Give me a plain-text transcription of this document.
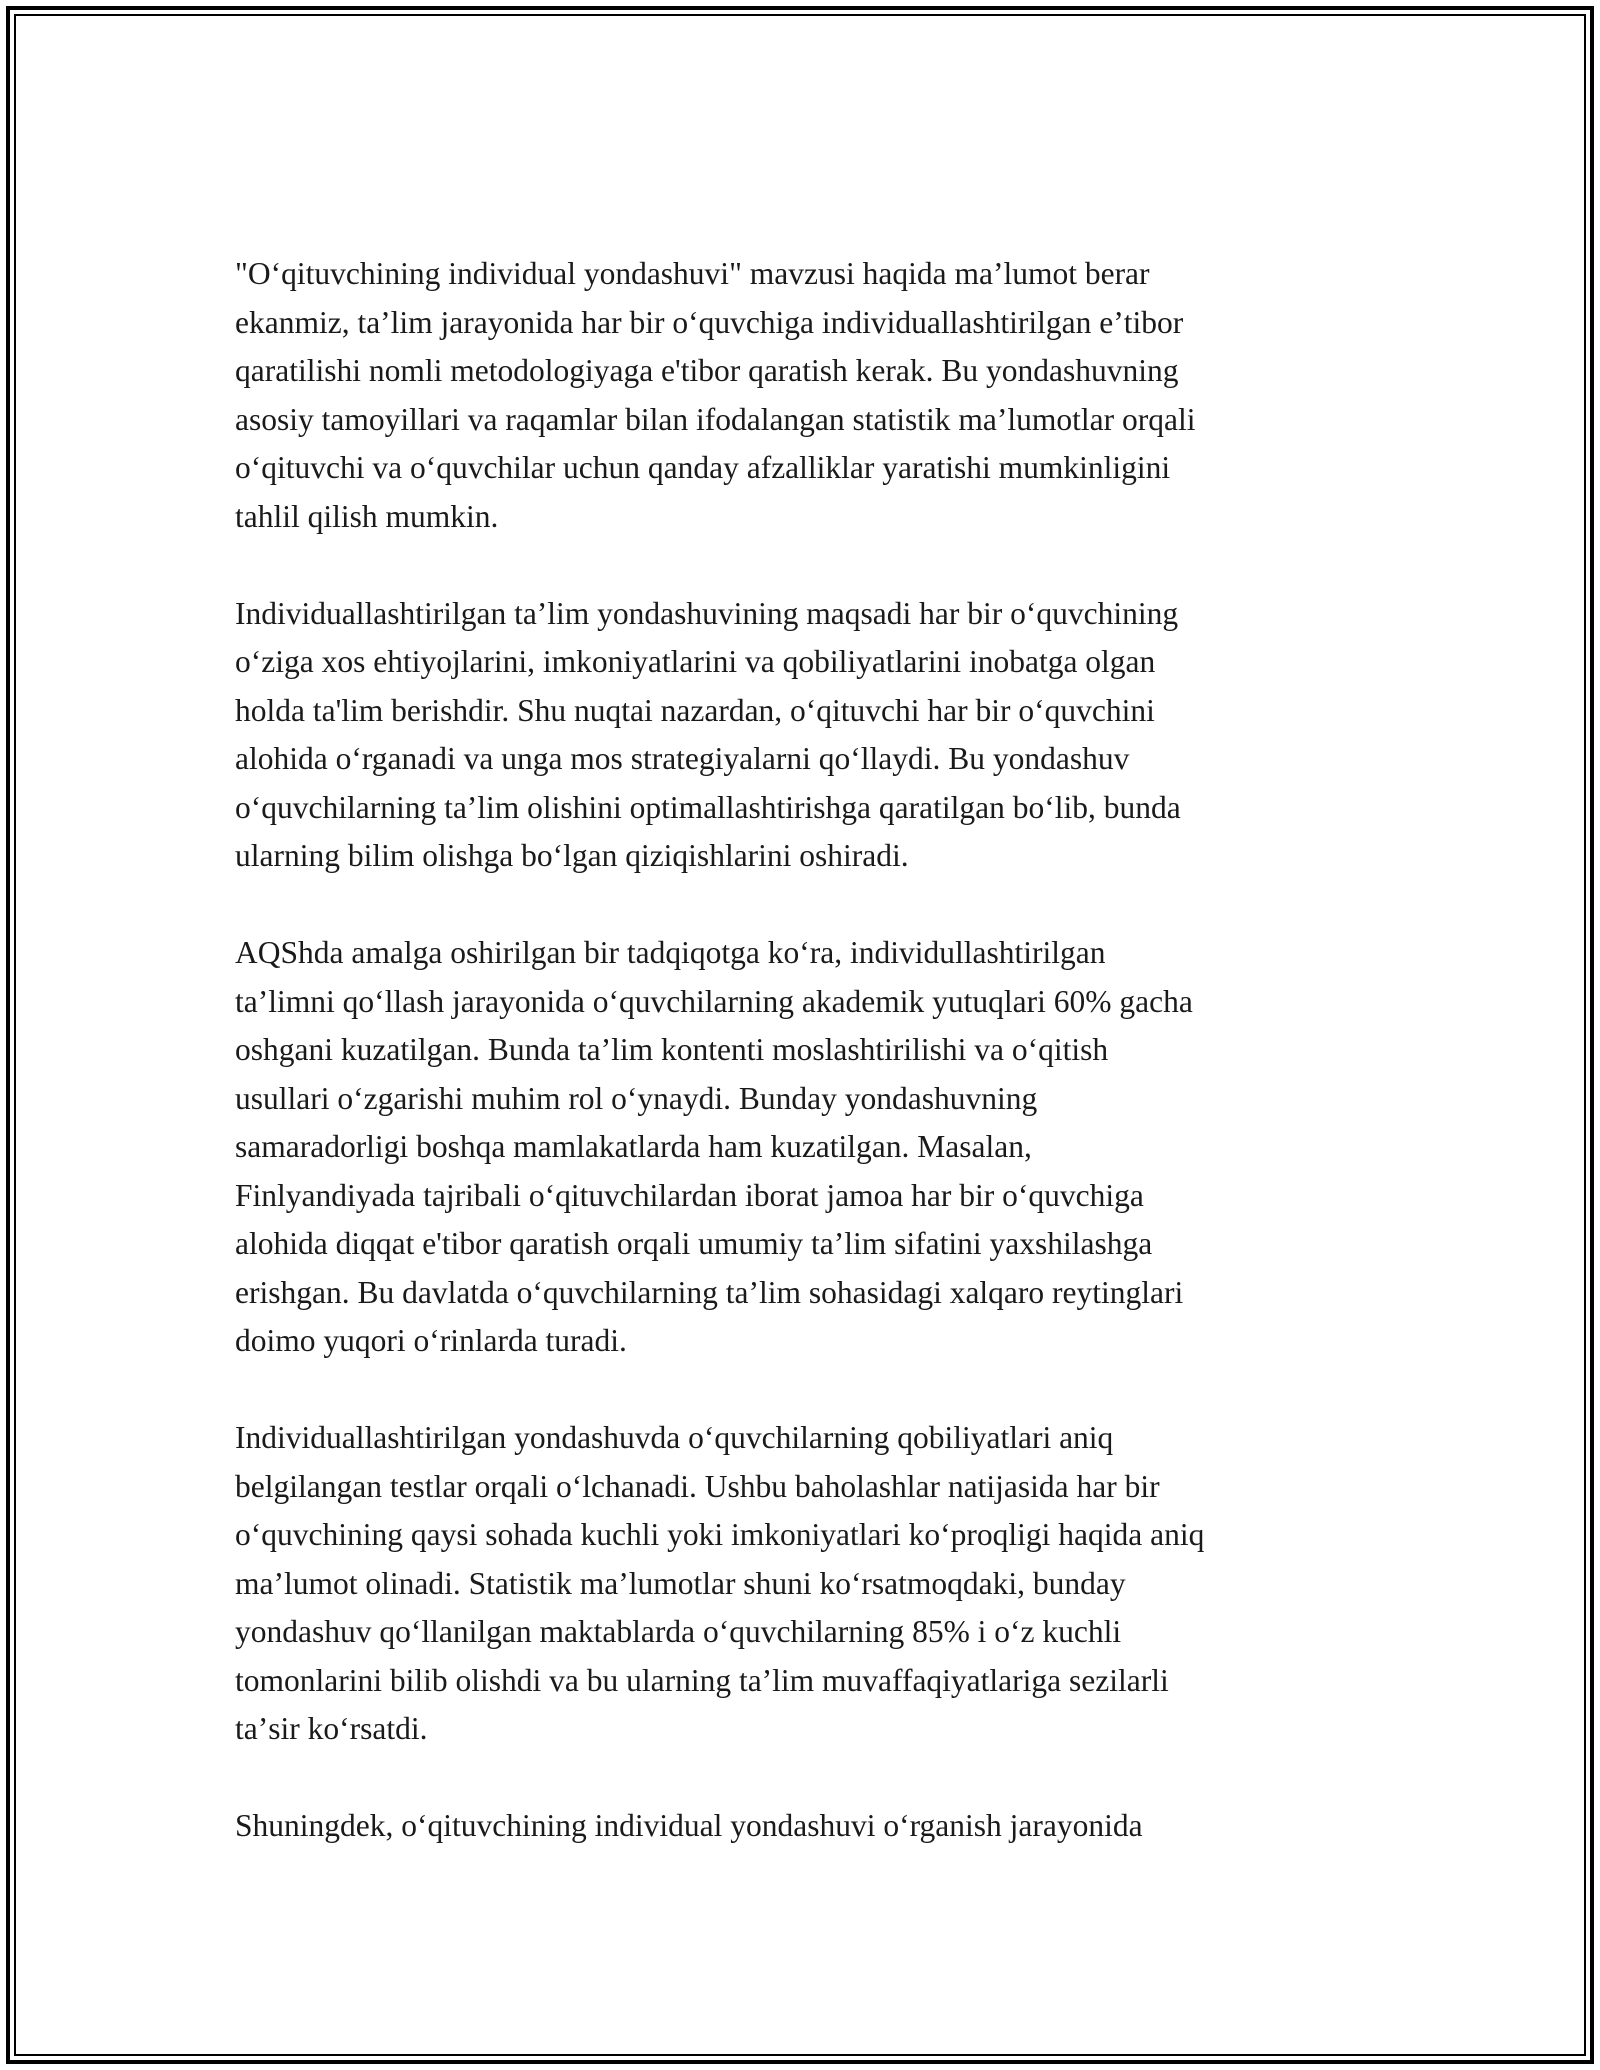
"Oʻqituvchining individual yondashuvi" mavzusi haqida maʼlumot berar
ekanmiz, taʼlim jarayonida har bir oʻquvchiga individuallashtirilgan eʼtibor
qaratilishi nomli metodologiyaga e'tibor qaratish kerak. Bu yondashuvning
asosiy tamoyillari va raqamlar bilan ifodalangan statistik maʼlumotlar orqali
oʻqituvchi va oʻquvchilar uchun qanday afzalliklar yaratishi mumkinligini
tahlil qilish mumkin.
Individuallashtirilgan taʼlim yondashuvining maqsadi har bir oʻquvchining
oʻziga xos ehtiyojlarini, imkoniyatlarini va qobiliyatlarini inobatga olgan
holda ta'lim berishdir. Shu nuqtai nazardan, oʻqituvchi har bir oʻquvchini
alohida oʻrganadi va unga mos strategiyalarni qoʻllaydi. Bu yondashuv
oʻquvchilarning taʼlim olishini optimallashtirishga qaratilgan boʻlib, bunda
ularning bilim olishga boʻlgan qiziqishlarini oshiradi.
AQShda amalga oshirilgan bir tadqiqotga koʻra, individullashtirilgan
taʼlimni qoʻllash jarayonida oʻquvchilarning akademik yutuqlari 60% gacha
oshgani kuzatilgan. Bunda taʼlim kontenti moslashtirilishi va oʻqitish
usullari oʻzgarishi muhim rol oʻynaydi. Bunday yondashuvning
samaradorligi boshqa mamlakatlarda ham kuzatilgan. Masalan,
Finlyandiyada tajribali oʻqituvchilardan iborat jamoa har bir oʻquvchiga
alohida diqqat e'tibor qaratish orqali umumiy taʼlim sifatini yaxshilashga
erishgan. Bu davlatda oʻquvchilarning taʼlim sohasidagi xalqaro reytinglari
doimo yuqori oʻrinlarda turadi.
Individuallashtirilgan yondashuvda oʻquvchilarning qobiliyatlari aniq
belgilangan testlar orqali oʻlchanadi. Ushbu baholashlar natijasida har bir
oʻquvchining qaysi sohada kuchli yoki imkoniyatlari koʻproqligi haqida aniq
maʼlumot olinadi. Statistik maʼlumotlar shuni koʻrsatmoqdaki, bunday
yondashuv qoʻllanilgan maktablarda oʻquvchilarning 85% i oʻz kuchli
tomonlarini bilib olishdi va bu ularning taʼlim muvaffaqiyatlariga sezilarli
taʼsir koʻrsatdi.
Shuningdek, oʻqituvchining individual yondashuvi oʻrganish jarayonida
